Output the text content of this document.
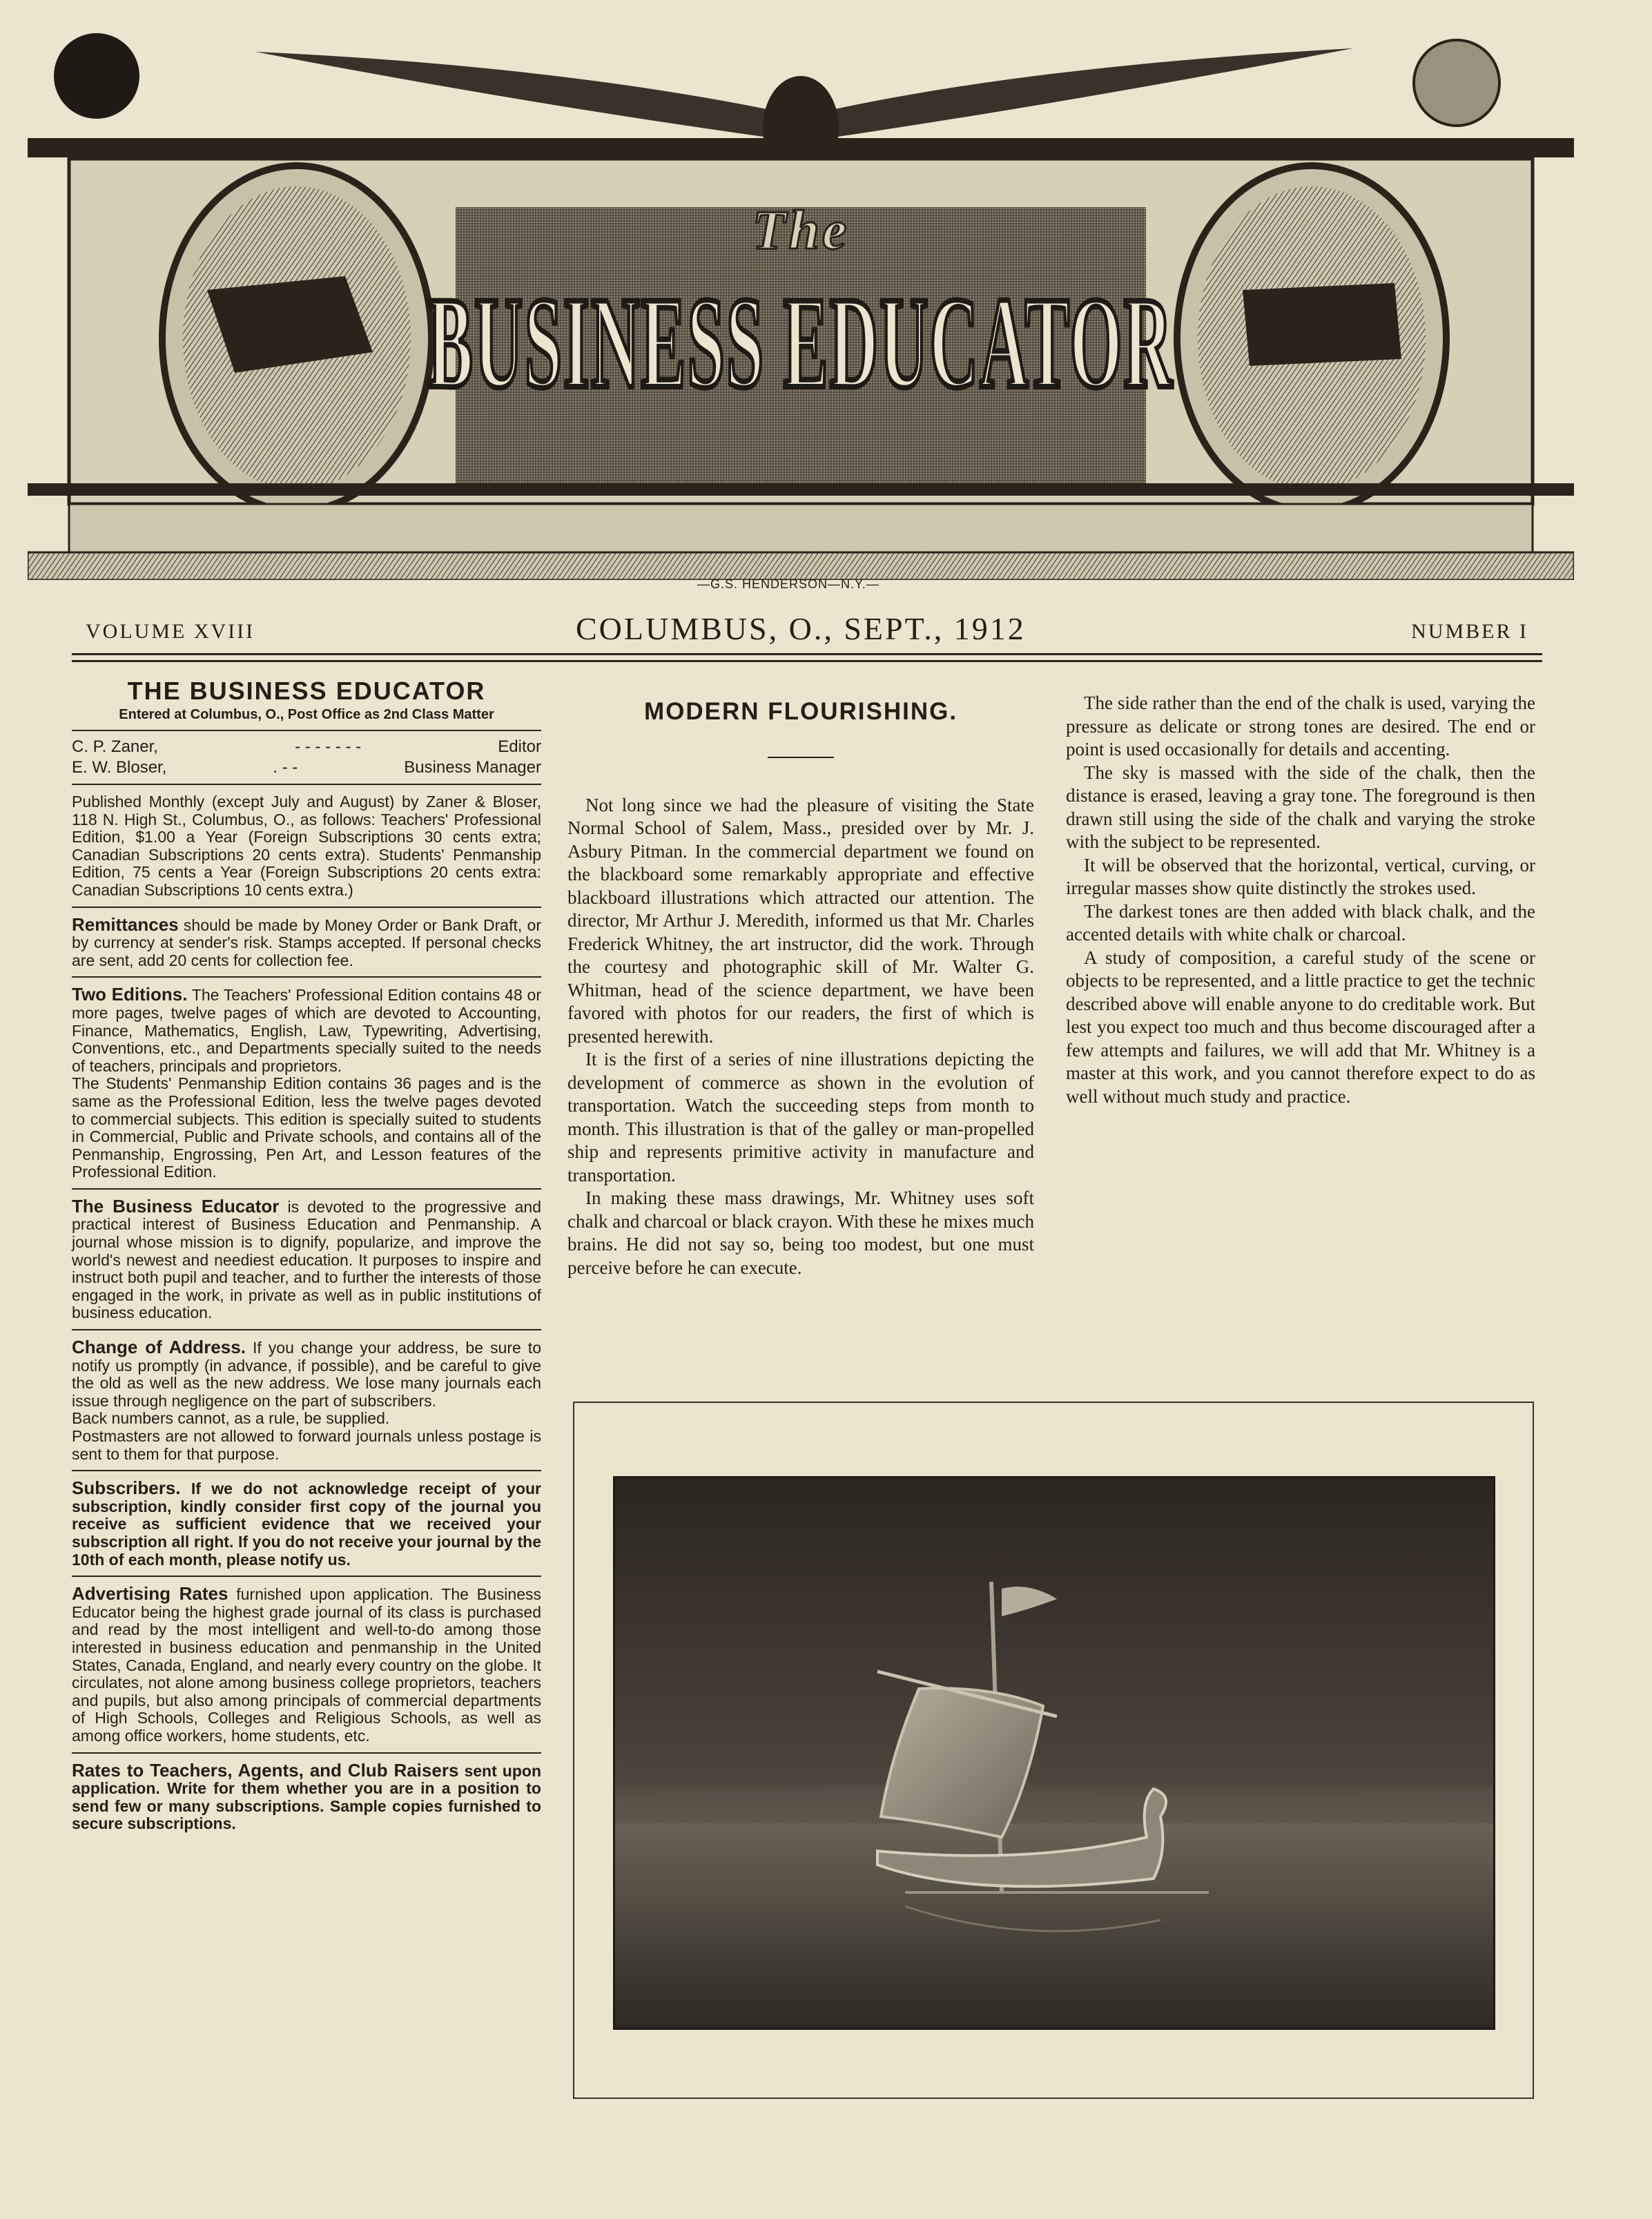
The
BUSINESS EDUCATOR
—G.S. HENDERSON—N.Y.—
VOLUME XVIII	COLUMBUS, O., SEPT., 1912	NUMBER I
THE BUSINESS EDUCATOR
Entered at Columbus, O., Post Office as 2nd Class Matter
C. P. Zaner,	- - - - - - -	Editor
E. W. Bloser,	. - -	Business Manager

Published Monthly (except July and August) by Zaner & Bloser, 118 N. High St., Columbus, O., as follows: Teachers' Professional Edition, $1.00 a Year (Foreign Subscriptions 30 cents extra; Canadian Subscriptions 20 cents extra). Students' Penmanship Edition, 75 cents a Year (Foreign Subscriptions 20 cents extra: Canadian Subscriptions 10 cents extra.)

Remittances should be made by Money Order or Bank Draft, or by currency at sender's risk. Stamps accepted. If personal checks are sent, add 20 cents for collection fee.

Two Editions. The Teachers' Professional Edition contains 48 or more pages, twelve pages of which are devoted to Accounting, Finance, Mathematics, English, Law, Typewriting, Advertising, Conventions, etc., and Departments specially suited to the needs of teachers, principals and proprietors.
The Students' Penmanship Edition contains 36 pages and is the same as the Professional Edition, less the twelve pages devoted to commercial subjects. This edition is specially suited to students in Commercial, Public and Private schools, and contains all of the Penmanship, Engrossing, Pen Art, and Lesson features of the Professional Edition.

The Business Educator is devoted to the progressive and practical interest of Business Education and Penmanship. A journal whose mission is to dignify, popularize, and improve the world's newest and neediest education. It purposes to inspire and instruct both pupil and teacher, and to further the interests of those engaged in the work, in private as well as in public institutions of business education.

Change of Address. If you change your address, be sure to notify us promptly (in advance, if possible), and be careful to give the old as well as the new address. We lose many journals each issue through negligence on the part of subscribers.
Back numbers cannot, as a rule, be supplied.
Postmasters are not allowed to forward journals unless postage is sent to them for that purpose.

Subscribers. If we do not acknowledge receipt of your subscription, kindly consider first copy of the journal you receive as sufficient evidence that we received your subscription all right. If you do not receive your journal by the 10th of each month, please notify us.

Advertising Rates furnished upon application. The Business Educator being the highest grade journal of its class is purchased and read by the most intelligent and well-to-do among those interested in business education and penmanship in the United States, Canada, England, and nearly every country on the globe. It circulates, not alone among business college proprietors, teachers and pupils, but also among principals of commercial departments of High Schools, Colleges and Religious Schools, as well as among office workers, home students, etc.

Rates to Teachers, Agents, and Club Raisers sent upon application. Write for them whether you are in a position to send few or many subscriptions. Sample copies furnished to secure subscriptions.

MODERN FLOURISHING.

Not long since we had the pleasure of visiting the State Normal School of Salem, Mass., presided over by Mr. J. Asbury Pitman. In the commercial department we found on the blackboard some remarkably appropriate and effective blackboard illustrations which attracted our attention. The director, Mr Arthur J. Meredith, informed us that Mr. Charles Frederick Whitney, the art instructor, did the work. Through the courtesy and photographic skill of Mr. Walter G. Whitman, head of the science department, we have been favored with photos for our readers, the first of which is presented herewith.

It is the first of a series of nine illustrations depicting the development of commerce as shown in the evolution of transportation. Watch the succeeding steps from month to month. This illustration is that of the galley or man-propelled ship and represents primitive activity in manufacture and transportation.

In making these mass drawings, Mr. Whitney uses soft chalk and charcoal or black crayon. With these he mixes much brains. He did not say so, being too modest, but one must perceive before he can execute.

The side rather than the end of the chalk is used, varying the pressure as delicate or strong tones are desired. The end or point is used occasionally for details and accenting.

The sky is massed with the side of the chalk, then the distance is erased, leaving a gray tone. The foreground is then drawn still using the side of the chalk and varying the stroke with the subject to be represented.

It will be observed that the horizontal, vertical, curving, or irregular masses show quite distinctly the strokes used.

The darkest tones are then added with black chalk, and the accented details with white chalk or charcoal.

A study of composition, a careful study of the scene or objects to be represented, and a little practice to get the technic described above will enable anyone to do creditable work. But lest you expect too much and thus become discouraged after a few attempts and failures, we will add that Mr. Whitney is a master at this work, and you cannot therefore expect to do as well without much study and practice.
